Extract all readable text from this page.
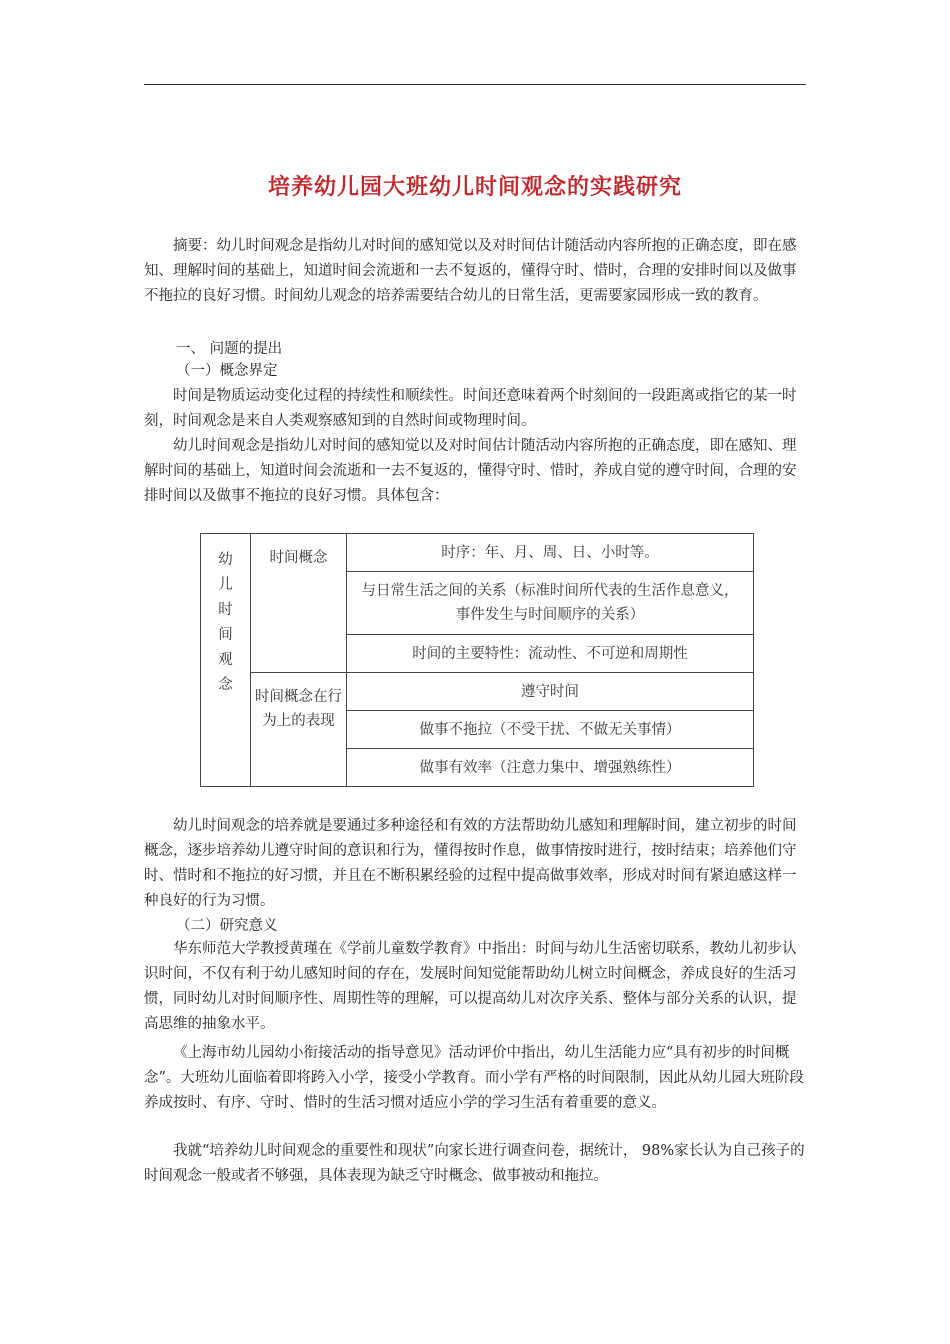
培养幼儿园大班幼儿时间观念的实践研究

摘要：幼儿时间观念是指幼儿对时间的感知觉以及对时间估计随活动内容所抱的正确态度，即在感知、理解时间的基础上，知道时间会流逝和一去不复返的，懂得守时、惜时，合理的安排时间以及做事不拖拉的良好习惯。时间幼儿观念的培养需要结合幼儿的日常生活，更需要家园形成一致的教育。

一、 问题的提出
（一）概念界定

时间是物质运动变化过程的持续性和顺续性。时间还意味着两个时刻间的一段距离或指它的某一时刻，时间观念是来自人类观察感知到的自然时间或物理时间。

幼儿时间观念是指幼儿对时间的感知觉以及对时间估计随活动内容所抱的正确态度，即在感知、理解时间的基础上，知道时间会流逝和一去不复返的，懂得守时、惜时，养成自觉的遵守时间，合理的安排时间以及做事不拖拉的良好习惯。具体包含：

幼儿时间观念	时间概念	时序：年、月、周、日、小时等。
		与日常生活之间的关系（标准时间所代表的生活作息意义，事件发生与时间顺序的关系）
		时间的主要特性：流动性、不可逆和周期性
	时间概念在行为上的表现	遵守时间
		做事不拖拉（不受干扰、不做无关事情）
		做事有效率（注意力集中、增强熟练性）

幼儿时间观念的培养就是要通过多种途径和有效的方法帮助幼儿感知和理解时间，建立初步的时间概念，逐步培养幼儿遵守时间的意识和行为，懂得按时作息，做事情按时进行，按时结束；培养他们守时、惜时和不拖拉的好习惯，并且在不断积累经验的过程中提高做事效率，形成对时间有紧迫感这样一种良好的行为习惯。

（二）研究意义

华东师范大学教授黄瑾在《学前儿童数学教育》中指出：时间与幼儿生活密切联系，教幼儿初步认识时间，不仅有利于幼儿感知时间的存在，发展时间知觉能帮助幼儿树立时间概念，养成良好的生活习惯，同时幼儿对时间顺序性、周期性等的理解，可以提高幼儿对次序关系、整体与部分关系的认识，提高思维的抽象水平。

《上海市幼儿园幼小衔接活动的指导意见》活动评价中指出，幼儿生活能力应“具有初步的时间概念”。大班幼儿面临着即将跨入小学，接受小学教育。而小学有严格的时间限制，因此从幼儿园大班阶段养成按时、有序、守时、惜时的生活习惯对适应小学的学习生活有着重要的意义。

我就“培养幼儿时间观念的重要性和现状”向家长进行调查问卷，据统计， 98%家长认为自己孩子的时间观念一般或者不够强，具体表现为缺乏守时概念、做事被动和拖拉。
